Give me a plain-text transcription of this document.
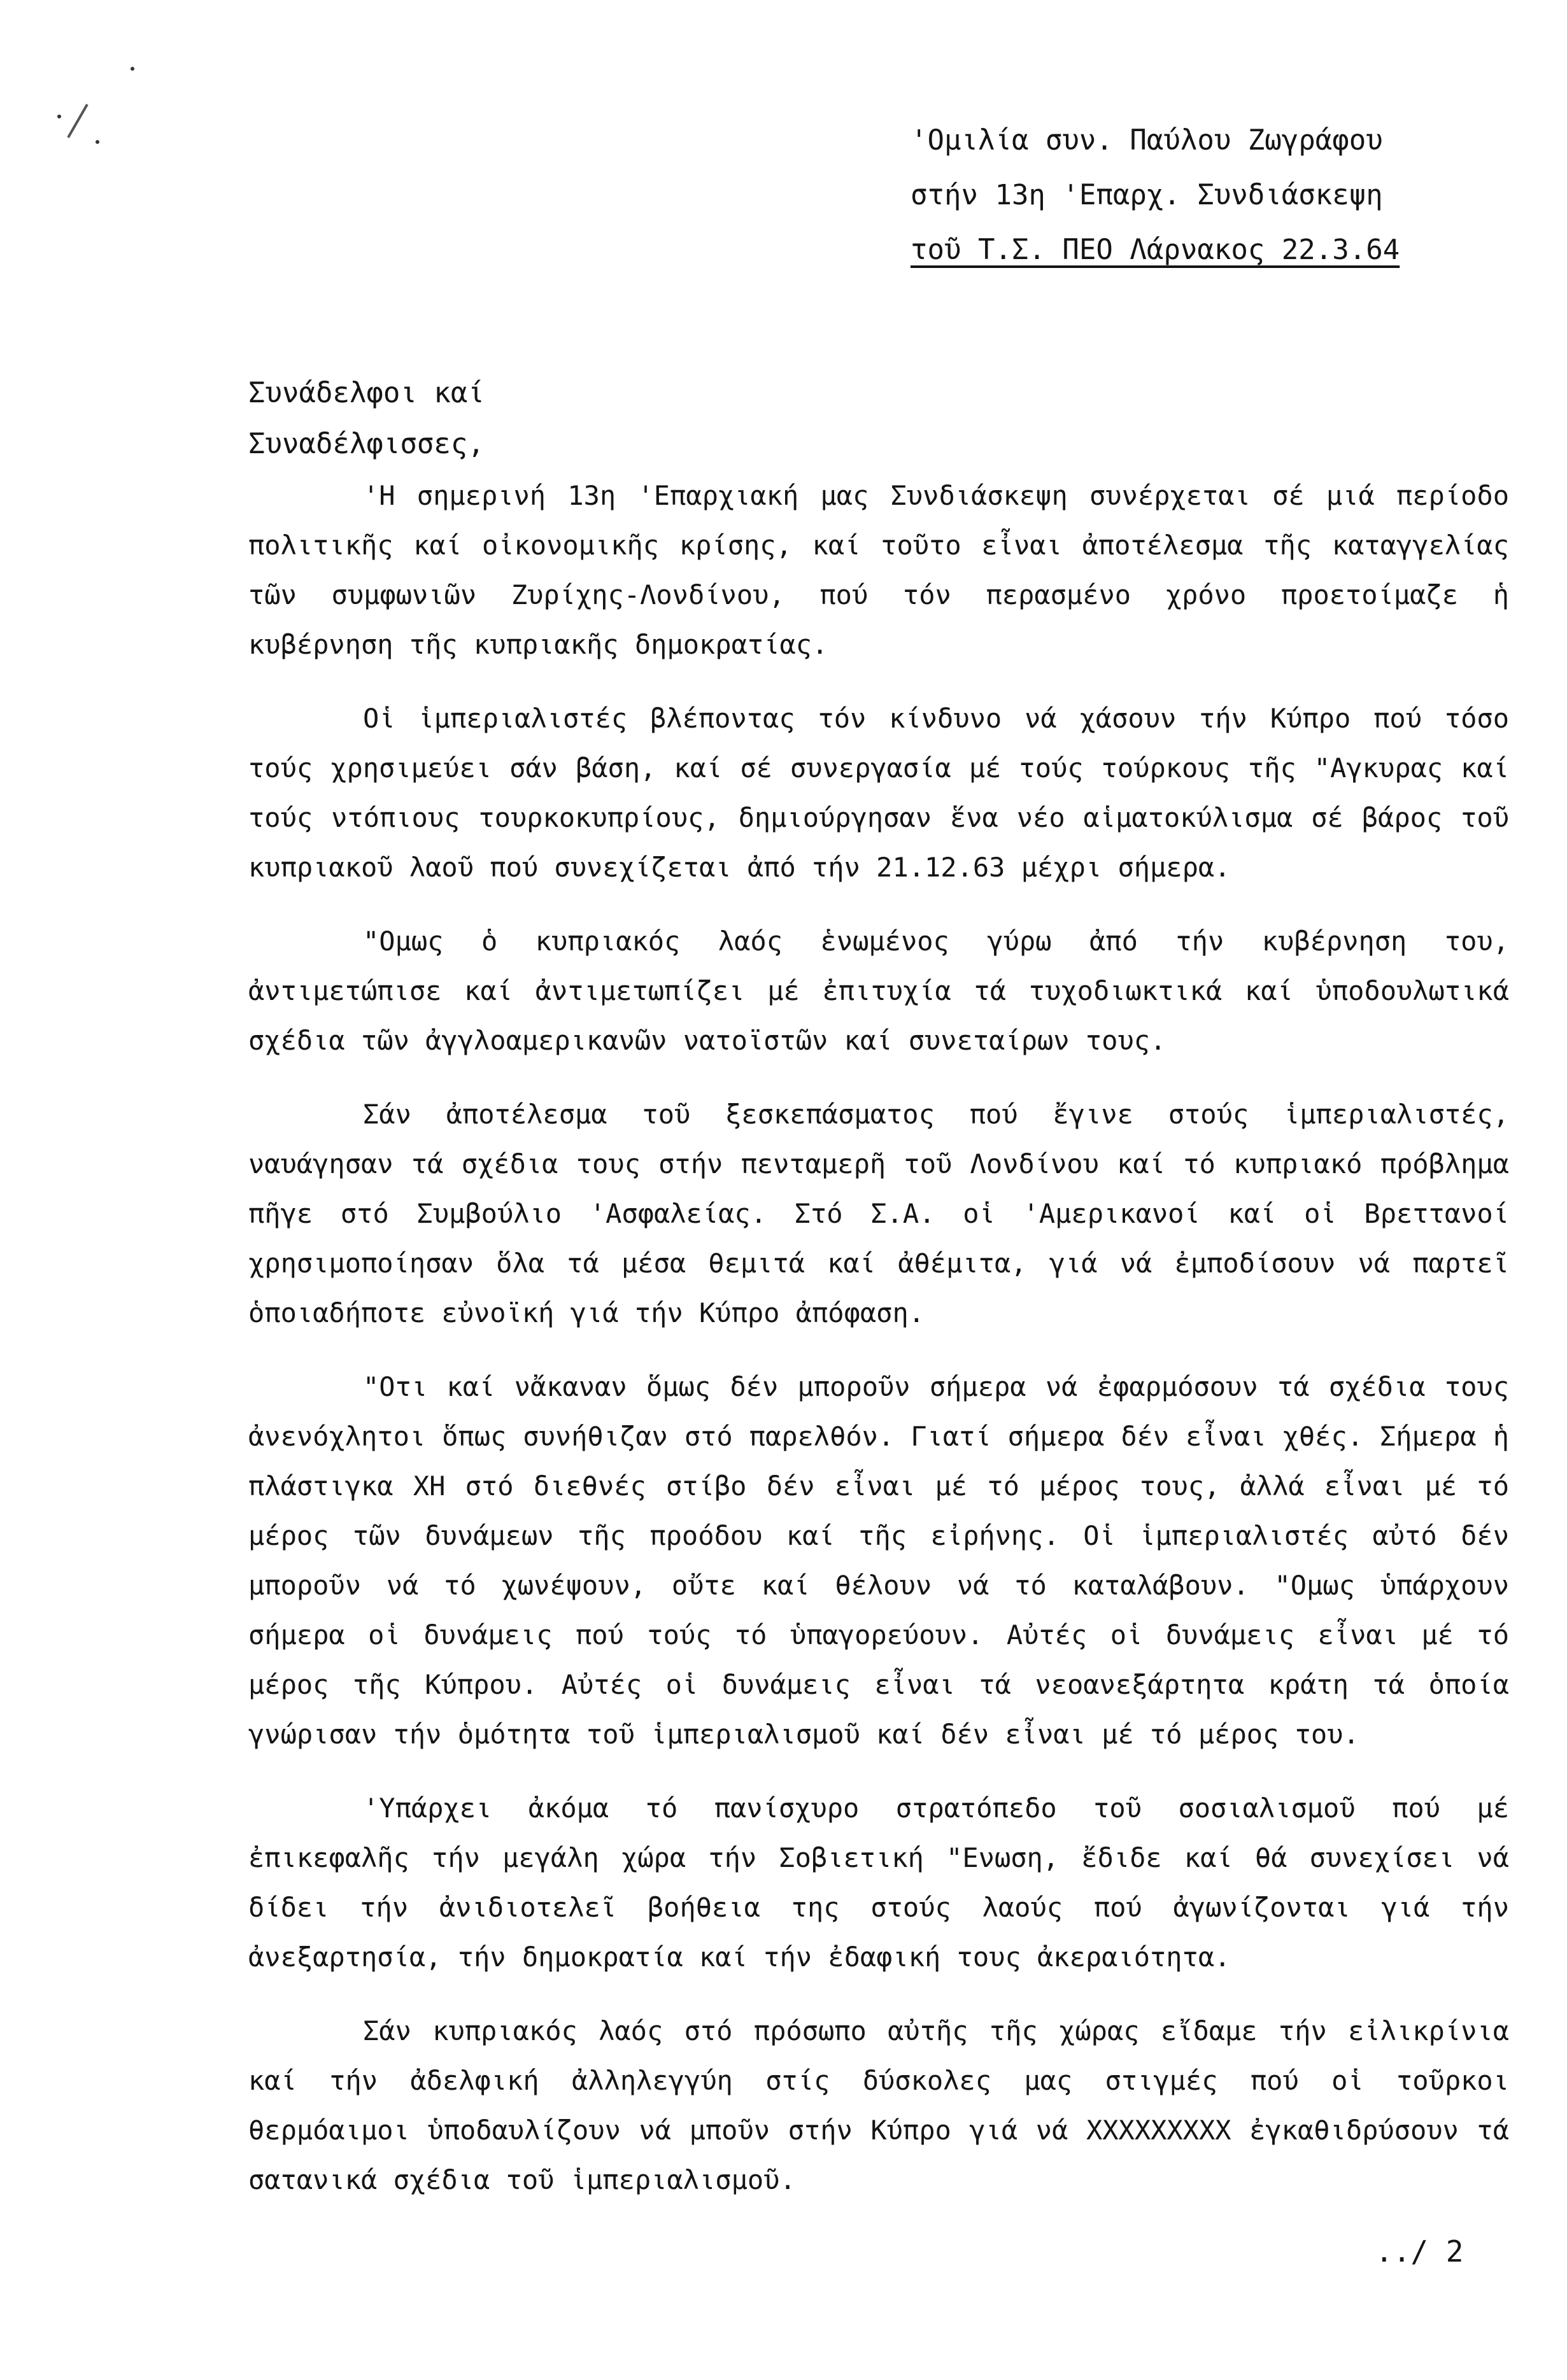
'Ομιλία συν. Παύλου Ζωγράφου
στήν 13η 'Επαρχ. Συνδιάσκεψη
τοῦ Τ.Σ. ΠΕΟ Λάρνακος 22.3.64
Συνάδελφοι καί
Συναδέλφισσες,

'Η σημερινή 13η 'Επαρχιακή μας Συνδιάσκεψη συνέρχεται σέ μιά περίοδο πολιτικῆς καί οἰκονομικῆς κρίσης, καί τοῦτο εἶναι ἀποτέλεσμα τῆς καταγγελίας τῶν συμφωνιῶν Ζυρίχης-Λονδίνου, πού τόν περασμένο χρόνο προετοίμαζε ἡ κυβέρνηση τῆς κυπριακῆς δημοκρατίας.

Οἱ ἱμπεριαλιστές βλέποντας τόν κίνδυνο νά χάσουν τήν Κύπρο πού τόσο τούς χρησιμεύει σάν βάση, καί σέ συνεργασία μέ τούς τούρκους τῆς "Αγκυρας καί τούς ντόπιους τουρκοκυπρίους, δημιούργησαν ἕνα νέο αἱματοκύλισμα σέ βάρος τοῦ κυπριακοῦ λαοῦ πού συνεχίζεται ἀπό τήν 21.12.63 μέχρι σήμερα.

"Ομως ὁ κυπριακός λαός ἑνωμένος γύρω ἀπό τήν κυβέρνηση του, ἀντιμετώπισε καί ἀντιμετωπίζει μέ ἐπιτυχία τά τυχοδιωκτικά καί ὑποδουλωτικά σχέδια τῶν ἀγγλοαμερικανῶν νατοϊστῶν καί συνεταίρων τους.

Σάν ἀποτέλεσμα τοῦ ξεσκεπάσματος πού ἔγινε στούς ἱμπεριαλιστές, ναυάγησαν τά σχέδια τους στήν πενταμερῆ τοῦ Λονδίνου καί τό κυπριακό πρόβλημα πῆγε στό Συμβούλιο 'Ασφαλείας. Στό Σ.Α. οἱ 'Αμερικανοί καί οἱ Βρεττανοί χρησιμοποίησαν ὅλα τά μέσα θεμιτά καί ἀθέμιτα, γιά νά ἐμποδίσουν νά παρτεῖ ὁποιαδήποτε εὐνοϊκή γιά τήν Κύπρο ἀπόφαση.

"Οτι καί νἄκαναν ὅμως δέν μποροῦν σήμερα νά ἐφαρμόσουν τά σχέδια τους ἀνενόχλητοι ὅπως συνήθιζαν στό παρελθόν. Γιατί σήμερα δέν εἶναι χθές. Σήμερα ἡ πλάστιγκα ΧΗ στό διεθνές στίβο δέν εἶναι μέ τό μέρος τους, ἀλλά εἶναι μέ τό μέρος τῶν δυνάμεων τῆς προόδου καί τῆς εἰρήνης. Οἱ ἱμπεριαλιστές αὐτό δέν μποροῦν νά τό χωνέψουν, οὔτε καί θέλουν νά τό καταλάβουν. "Ομως ὑπάρχουν σήμερα οἱ δυνάμεις πού τούς τό ὑπαγορεύουν. Αὐτές οἱ δυνάμεις εἶναι μέ τό μέρος τῆς Κύπρου. Αὐτές οἱ δυνάμεις εἶναι τά νεοανεξάρτητα κράτη τά ὁποία γνώρισαν τήν ὁμότητα τοῦ ἱμπεριαλισμοῦ καί δέν εἶναι μέ τό μέρος του.

'Υπάρχει ἀκόμα τό πανίσχυρο στρατόπεδο τοῦ σοσιαλισμοῦ πού μέ ἐπικεφαλῆς τήν μεγάλη χώρα τήν Σοβιετική "Ενωση, ἔδιδε καί θά συνεχίσει νά δίδει τήν ἀνιδιοτελεῖ βοήθεια της στούς λαούς πού ἀγωνίζονται γιά τήν ἀνεξαρτησία, τήν δημοκρατία καί τήν ἐδαφική τους ἀκεραιότητα.

Σάν κυπριακός λαός στό πρόσωπο αὐτῆς τῆς χώρας εἴδαμε τήν εἰλικρίνια καί τήν ἀδελφική ἀλληλεγγύη στίς δύσκολες μας στιγμές πού οἱ τοῦρκοι θερμόαιμοι ὑποδαυλίζουν νά μποῦν στήν Κύπρο γιά νά ΧΧΧΧΧΧΧΧΧ ἐγκαθιδρύσουν τά σατανικά σχέδια τοῦ ἱμπεριαλισμοῦ.

../ 2
